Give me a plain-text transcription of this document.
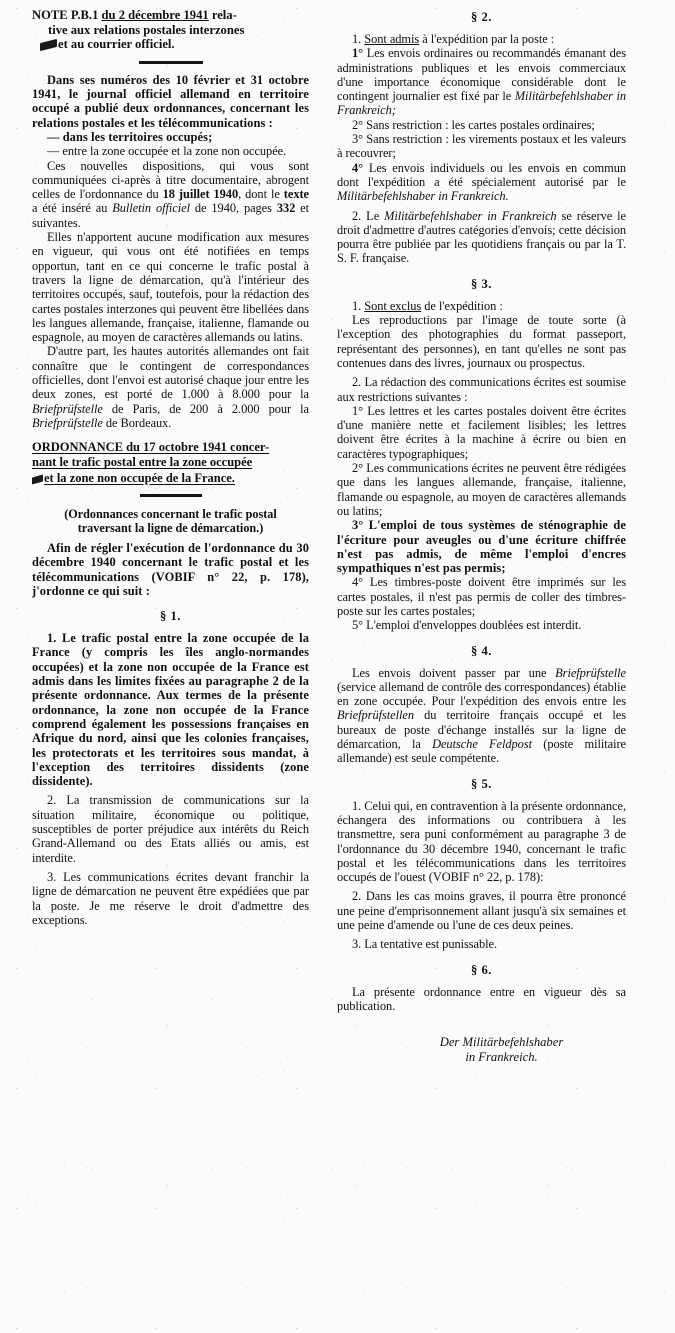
NOTE P.B.1 du 2 décembre 1941 rela-
tive aux relations postales interzones
et au courrier officiel.

Dans ses numéros des 10 février et 31 octobre 1941, le journal officiel allemand en territoire occupé a publié deux ordonnances, concernant les relations postales et les télécommunications :

— dans les territoires occupés;

— entre la zone occupée et la zone non occupée.

Ces nouvelles dispositions, qui vous sont communiquées ci-après à titre documentaire, abrogent celles de l'ordonnance du 18 juillet 1940, dont le texte a été inséré au Bulletin officiel de 1940, pages 332 et suivantes.

Elles n'apportent aucune modification aux mesures en vigueur, qui vous ont été notifiées en temps opportun, tant en ce qui concerne le trafic postal à travers la ligne de démarcation, qu'à l'intérieur des territoires occupés, sauf, toutefois, pour la rédaction des cartes postales interzones qui peuvent être libellées dans les langues allemande, française, italienne, flamande ou espagnole, au moyen de caractères allemands ou latins.

D'autre part, les hautes autorités allemandes ont fait connaître que le contingent de correspondances officielles, dont l'envoi est autorisé chaque jour entre les deux zones, est porté de 1.000 à 8.000 pour la Briefprüfstelle de Paris, de 200 à 2.000 pour la Briefprüfstelle de Bordeaux.

ORDONNANCE du 17 octobre 1941 concer-
nant le trafic postal entre la zone occupée
et la zone non occupée de la France.
(Ordonnances concernant le trafic postal
traversant la ligne de démarcation.)

Afin de régler l'exécution de l'ordonnance du 30 décembre 1940 concernant le trafic postal et les télécommunications (VOBIF n° 22, p. 178), j'ordonne ce qui suit :

§ 1.

1. Le trafic postal entre la zone occupée de la France (y compris les îles anglo-normandes occupées) et la zone non occupée de la France est admis dans les limites fixées au paragraphe 2 de la présente ordonnance. Aux termes de la présente ordonnance, la zone non occupée de la France comprend également les possessions françaises en Afrique du nord, ainsi que les colonies françaises, les protectorats et les territoires sous mandat, à l'exception des territoires dissidents (zone dissidente).

2. La transmission de communications sur la situation militaire, économique ou politique, susceptibles de porter préjudice aux intérêts du Reich Grand-Allemand ou des Etats alliés ou amis, est interdite.

3. Les communications écrites devant franchir la ligne de démarcation ne peuvent être expédiées que par la poste. Je me réserve le droit d'admettre des exceptions.

§ 2.

1. Sont admis à l'expédition par la poste :

1° Les envois ordinaires ou recommandés émanant des administrations publiques et les envois commerciaux d'une importance économique considérable dont le contingent journalier est fixé par le Militärbefehlshaber in Frankreich;

2° Sans restriction : les cartes postales ordinaires;

3° Sans restriction : les virements postaux et les valeurs à recouvrer;

4° Les envois individuels ou les envois en commun dont l'expédition a été spécialement autorisé par le Militärbefehlshaber in Frankreich.

2. Le Militärbefehlshaber in Frankreich se réserve le droit d'admettre d'autres catégories d'envois; cette décision pourra être publiée par les quotidiens français ou par la T. S. F. française.

§ 3.

1. Sont exclus de l'expédition :

Les reproductions par l'image de toute sorte (à l'exception des photographies du format passeport, représentant des personnes), en tant qu'elles ne sont pas contenues dans des livres, journaux ou prospectus.

2. La rédaction des communications écrites est soumise aux restrictions suivantes :

1° Les lettres et les cartes postales doivent être écrites d'une manière nette et facilement lisibles; les lettres doivent être écrites à la machine à écrire ou bien en caractères typographiques;

2° Les communications écrites ne peuvent être rédigées que dans les langues allemande, française, italienne, flamande ou espagnole, au moyen de caractères allemands ou latins;

3° L'emploi de tous systèmes de sténographie de l'écriture pour aveugles ou d'une écriture chiffrée n'est pas admis, de même l'emploi d'encres sympathiques n'est pas permis;

4° Les timbres-poste doivent être imprimés sur les cartes postales, il n'est pas permis de coller des timbres-poste sur les cartes postales;

5° L'emploi d'enveloppes doublées est interdit.

§ 4.

Les envois doivent passer par une Briefprüfstelle (service allemand de contrôle des correspondances) établie en zone occupée. Pour l'expédition des envois entre les Briefprüfstellen du territoire français occupé et les bureaux de poste d'échange installés sur la ligne de démarcation, la Deutsche Feldpost (poste militaire allemande) est seule compétente.

§ 5.

1. Celui qui, en contravention à la présente ordonnance, échangera des informations ou contribuera à les transmettre, sera puni conformément au paragraphe 3 de l'ordonnance du 30 décembre 1940, concernant le trafic postal et les télécommunications dans les territoires occupés de l'ouest (VOBIF n° 22, p. 178):

2. Dans les cas moins graves, il pourra être prononcé une peine d'emprisonnement allant jusqu'à six semaines et une peine d'amende ou l'une de ces deux peines.

3. La tentative est punissable.

§ 6.

La présente ordonnance entre en vigueur dès sa publication.

Der Militärbefehlshaber
in Frankreich.
